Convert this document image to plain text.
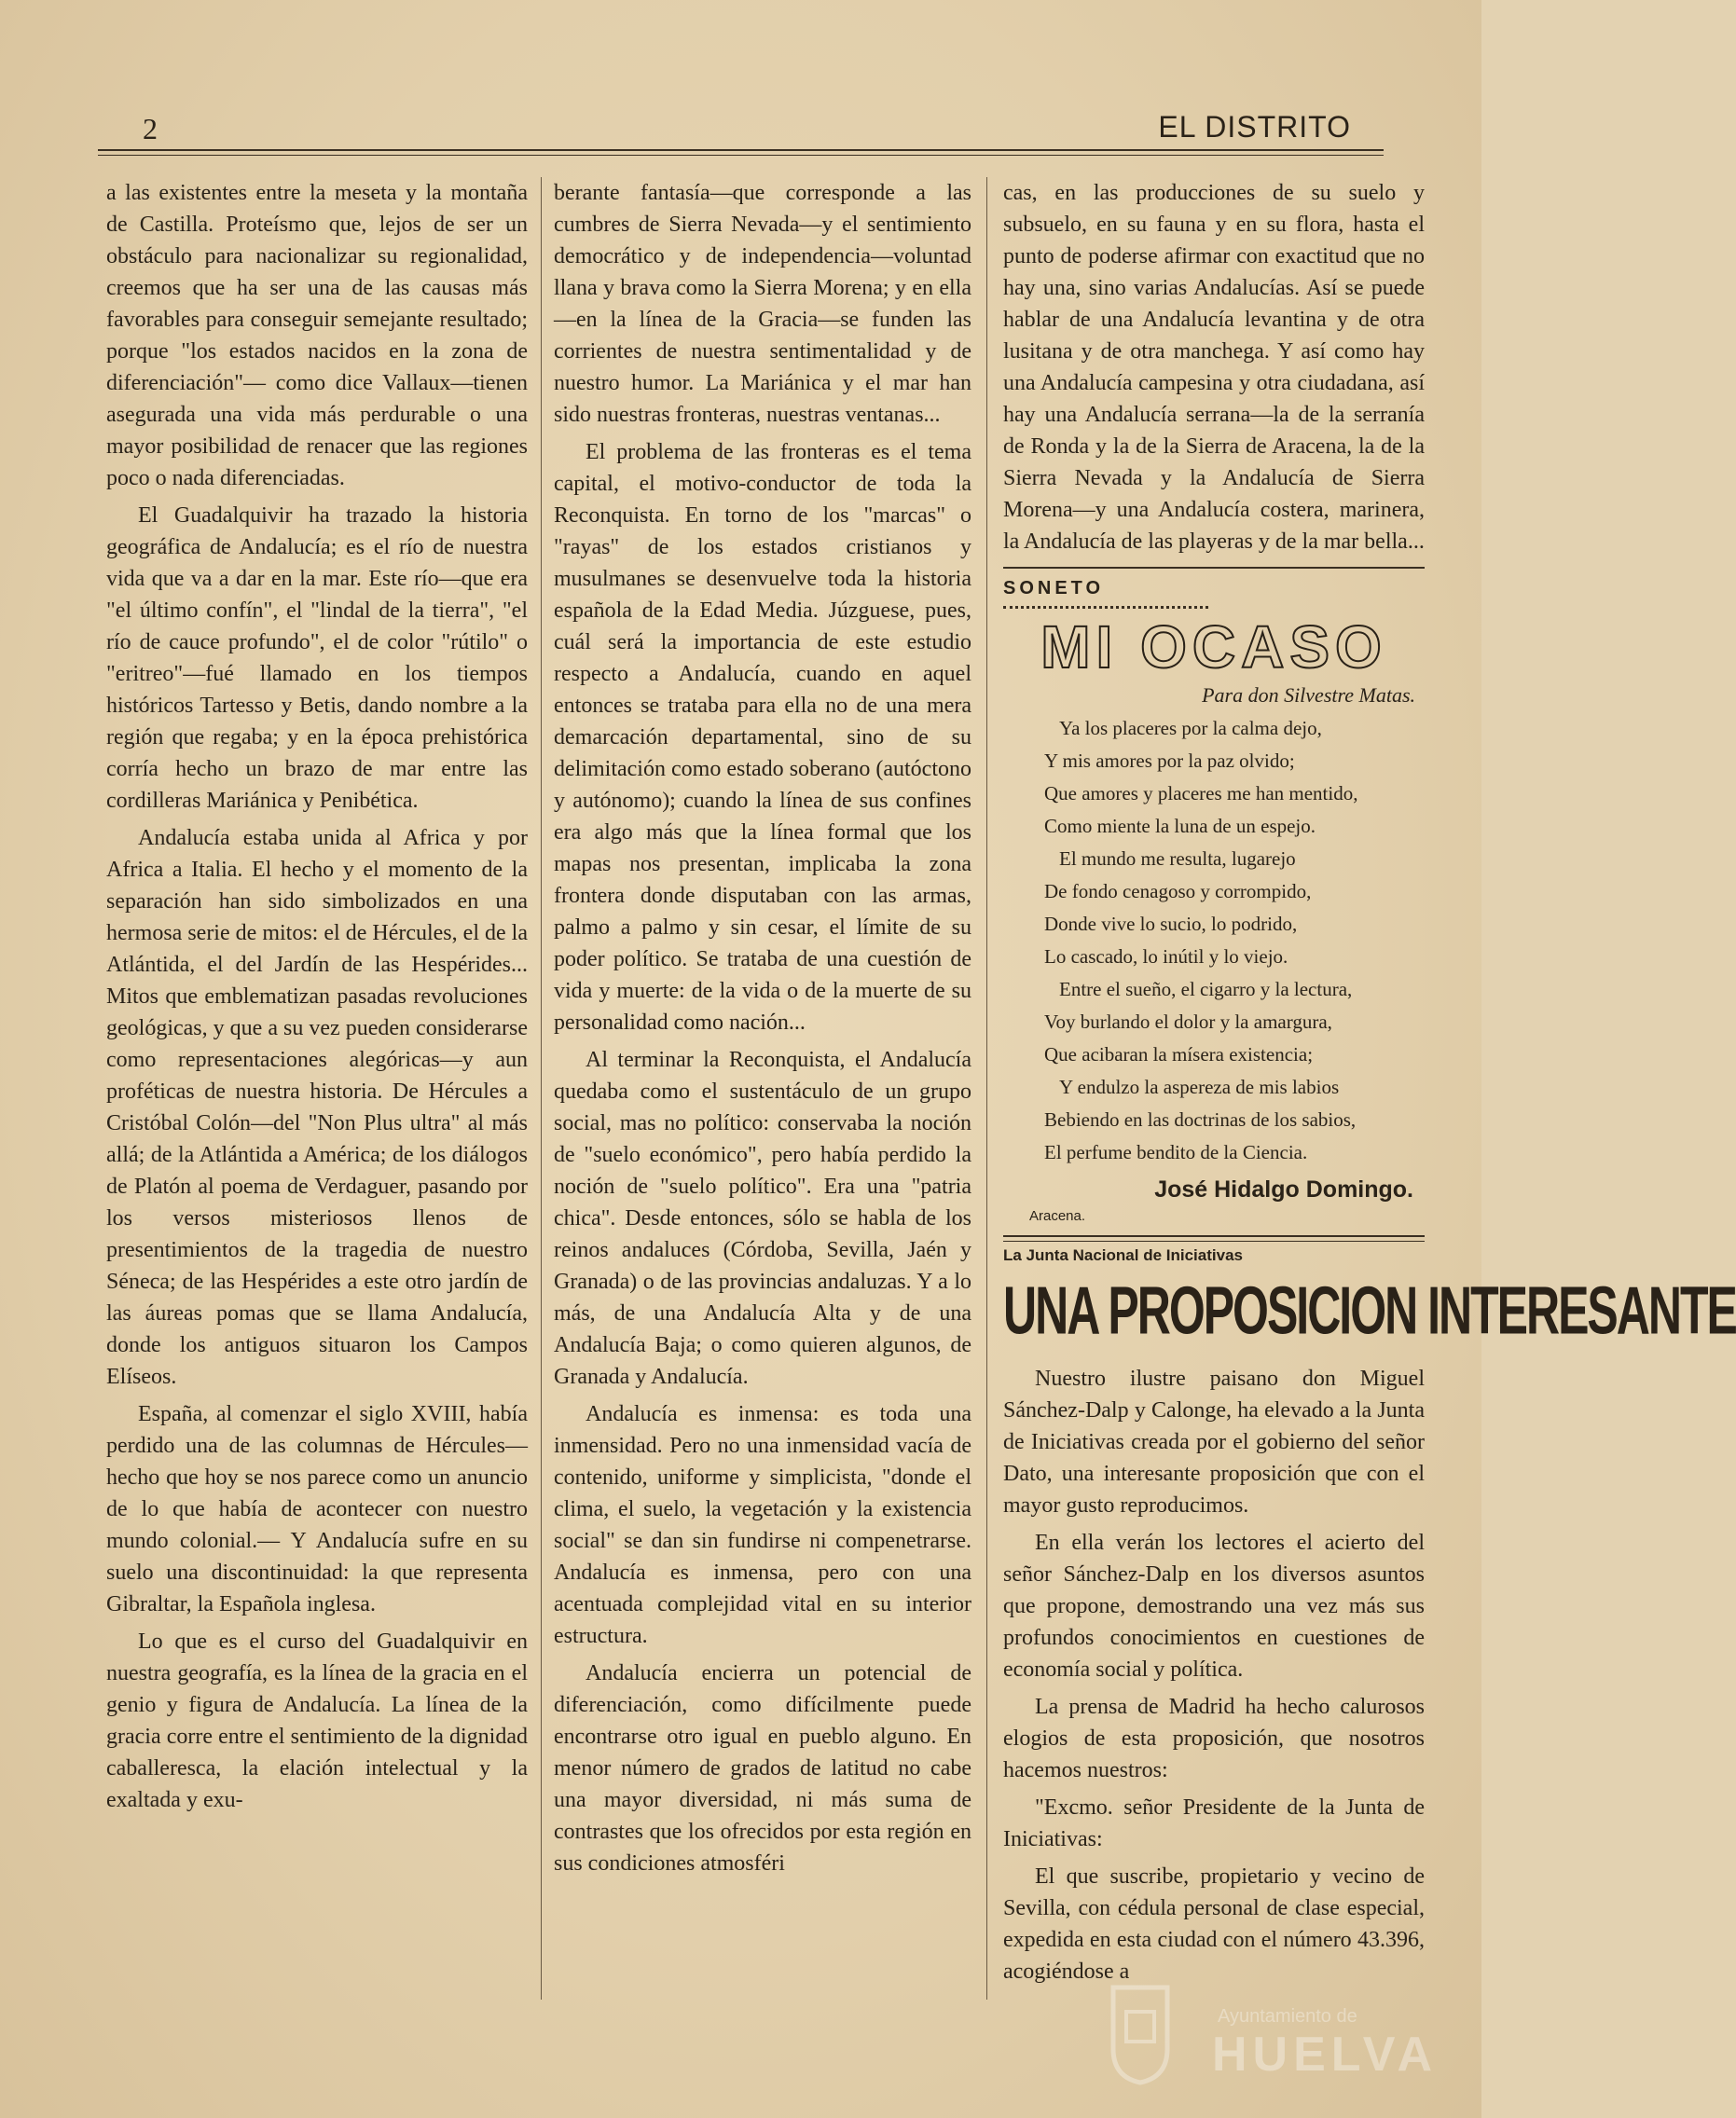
2	EL DISTRITO

a las existentes entre la meseta y la montaña de Castilla. Proteísmo que, lejos de ser un obstáculo para nacionalizar su regionalidad, creemos que ha ser una de las causas más favorables para conseguir semejante resultado; porque "los estados nacidos en la zona de diferenciación"— como dice Vallaux—tienen asegurada una vida más perdurable o una mayor posibilidad de renacer que las regiones poco o nada diferenciadas.

El Guadalquivir ha trazado la historia geográfica de Andalucía; es el río de nuestra vida que va a dar en la mar. Este río—que era "el último confín", el "lindal de la tierra", "el río de cauce profundo", el de color "rútilo" o "eritreo"—fué llamado en los tiempos históricos Tartesso y Betis, dando nombre a la región que regaba; y en la época prehistórica corría hecho un brazo de mar entre las cordilleras Mariánica y Penibética.

Andalucía estaba unida al Africa y por Africa a Italia. El hecho y el momento de la separación han sido simbolizados en una hermosa serie de mitos: el de Hércules, el de la Atlántida, el del Jardín de las Hespérides... Mitos que emblematizan pasadas revoluciones geológicas, y que a su vez pueden considerarse como representaciones alegóricas—y aun proféticas de nuestra historia. De Hércules a Cristóbal Colón—del "Non Plus ultra" al más allá; de la Atlántida a América; de los diálogos de Platón al poema de Verdaguer, pasando por los versos misteriosos llenos de presentimientos de la tragedia de nuestro Séneca; de las Hespérides a este otro jardín de las áureas pomas que se llama Andalucía, donde los antiguos situaron los Campos Elíseos.

España, al comenzar el siglo XVIII, había perdido una de las columnas de Hércules—hecho que hoy se nos parece como un anuncio de lo que había de acontecer con nuestro mundo colonial.— Y Andalucía sufre en su suelo una discontinuidad: la que representa Gibraltar, la Española inglesa.

Lo que es el curso del Guadalquivir en nuestra geografía, es la línea de la gracia en el genio y figura de Andalucía. La línea de la gracia corre entre el sentimiento de la dignidad caballeresca, la elación intelectual y la exaltada y exu-

berante fantasía—que corresponde a las cumbres de Sierra Nevada—y el sentimiento democrático y de independencia—voluntad llana y brava como la Sierra Morena; y en ella—en la línea de la Gracia—se funden las corrientes de nuestra sentimentalidad y de nuestro humor. La Mariánica y el mar han sido nuestras fronteras, nuestras ventanas...

El problema de las fronteras es el tema capital, el motivo-conductor de toda la Reconquista. En torno de los "marcas" o "rayas" de los estados cristianos y musulmanes se desenvuelve toda la historia española de la Edad Media. Júzguese, pues, cuál será la importancia de este estudio respecto a Andalucía, cuando en aquel entonces se trataba para ella no de una mera demarcación departamental, sino de su delimitación como estado soberano (autóctono y autónomo); cuando la línea de sus confines era algo más que la línea formal que los mapas nos presentan, implicaba la zona frontera donde disputaban con las armas, palmo a palmo y sin cesar, el límite de su poder político. Se trataba de una cuestión de vida y muerte: de la vida o de la muerte de su personalidad como nación...

Al terminar la Reconquista, el Andalucía quedaba como el sustentáculo de un grupo social, mas no político: conservaba la noción de "suelo económico", pero había perdido la noción de "suelo político". Era una "patria chica". Desde entonces, sólo se habla de los reinos andaluces (Córdoba, Sevilla, Jaén y Granada) o de las provincias andaluzas. Y a lo más, de una Andalucía Alta y de una Andalucía Baja; o como quieren algunos, de Granada y Andalucía.

Andalucía es inmensa: es toda una inmensidad. Pero no una inmensidad vacía de contenido, uniforme y simplicista, "donde el clima, el suelo, la vegetación y la existencia social" se dan sin fundirse ni compenetrarse. Andalucía es inmensa, pero con una acentuada complejidad vital en su interior estructura.

Andalucía encierra un potencial de diferenciación, como difícilmente puede encontrarse otro igual en pueblo alguno. En menor número de grados de latitud no cabe una mayor diversidad, ni más suma de contrastes que los ofrecidos por esta región en sus condiciones atmosféri

cas, en las producciones de su suelo y subsuelo, en su fauna y en su flora, hasta el punto de poderse afirmar con exactitud que no hay una, sino varias Andalucías. Así se puede hablar de una Andalucía levantina y de otra lusitana y de otra manchega. Y así como hay una Andalucía campesina y otra ciudadana, así hay una Andalucía serrana—la de la serranía de Ronda y la de la Sierra de Aracena, la de la Sierra Nevada y la Andalucía de Sierra Morena—y una Andalucía costera, marinera, la Andalucía de las playeras y de la mar bella...

SONETO
MI OCASO
Para don Silvestre Matas.

Ya los placeres por la calma dejo,

Y mis amores por la paz olvido;

Que amores y placeres me han mentido,

Como miente la luna de un espejo.

El mundo me resulta, lugarejo

De fondo cenagoso y corrompido,

Donde vive lo sucio, lo podrido,

Lo cascado, lo inútil y lo viejo.

Entre el sueño, el cigarro y la lectura,

Voy burlando el dolor y la amargura,

Que acibaran la mísera existencia;

Y endulzo la aspereza de mis labios

Bebiendo en las doctrinas de los sabios,

El perfume bendito de la Ciencia.

José Hidalgo Domingo.
Aracena.
La Junta Nacional de Iniciativas
UNA PROPOSICION INTERESANTE

Nuestro ilustre paisano don Miguel Sánchez-Dalp y Calonge, ha elevado a la Junta de Iniciativas creada por el gobierno del señor Dato, una interesante proposición que con el mayor gusto reproducimos.

En ella verán los lectores el acierto del señor Sánchez-Dalp en los diversos asuntos que propone, demostrando una vez más sus profundos conocimientos en cuestiones de economía social y política.

La prensa de Madrid ha hecho calurosos elogios de esta proposición, que nosotros hacemos nuestros:

"Excmo. señor Presidente de la Junta de Iniciativas:

El que suscribe, propietario y vecino de Sevilla, con cédula personal de clase especial, expedida en esta ciudad con el número 43.396, acogiéndose a

Ayuntamiento de
HUELVA
